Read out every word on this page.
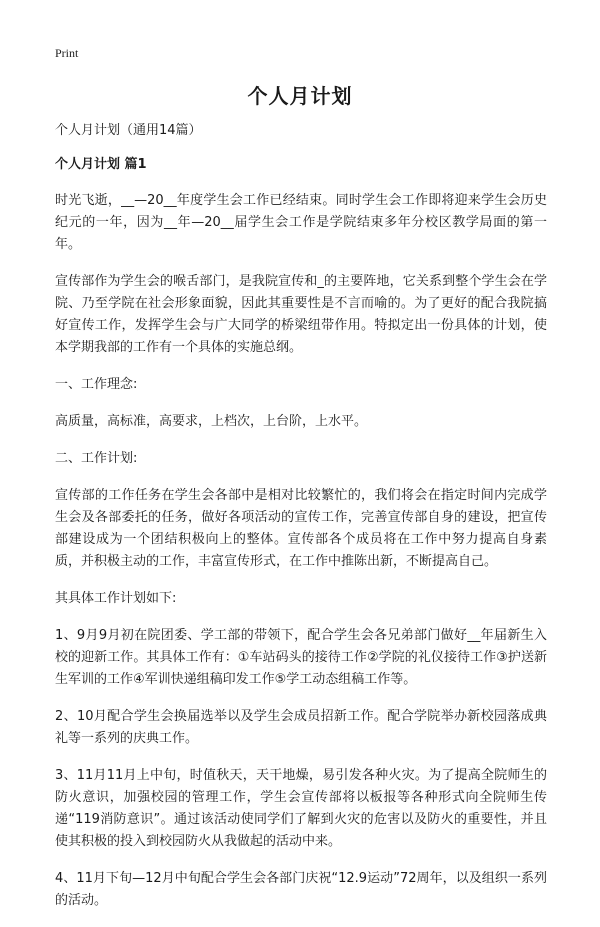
Print
个人月计划

个人月计划（通用14篇）

个人月计划 篇1

时光飞逝，__—20__年度学生会工作已经结束。同时学生会工作即将迎来学生会历史纪元的一年，因为__年—20__届学生会工作是学院结束多年分校区教学局面的第一年。

宣传部作为学生会的喉舌部门，是我院宣传和_的主要阵地，它关系到整个学生会在学院、乃至学院在社会形象面貌，因此其重要性是不言而喻的。为了更好的配合我院搞好宣传工作，发挥学生会与广大同学的桥梁纽带作用。特拟定出一份具体的计划，使本学期我部的工作有一个具体的实施总纲。

一、工作理念:

高质量，高标准，高要求，上档次，上台阶，上水平。

二、工作计划:

宣传部的工作任务在学生会各部中是相对比较繁忙的，我们将会在指定时间内完成学生会及各部委托的任务，做好各项活动的宣传工作，完善宣传部自身的建设，把宣传部建设成为一个团结积极向上的整体。宣传部各个成员将在工作中努力提高自身素质，并积极主动的工作，丰富宣传形式，在工作中推陈出新，不断提高自己。

其具体工作计划如下:

1、9月9月初在院团委、学工部的带领下，配合学生会各兄弟部门做好__年届新生入校的迎新工作。其具体工作有：①车站码头的接待工作②学院的礼仪接待工作③护送新生军训的工作④军训快递组稿印发工作⑤学工动态组稿工作等。

2、10月配合学生会换届选举以及学生会成员招新工作。配合学院举办新校园落成典礼等一系列的庆典工作。

3、11月11月上中旬，时值秋天，天干地燥，易引发各种火灾。为了提高全院师生的防火意识，加强校园的管理工作，学生会宣传部将以板报等各种形式向全院师生传递“119消防意识”。通过该活动使同学们了解到火灾的危害以及防火的重要性，并且使其积极的投入到校园防火从我做起的活动中来。

4、11月下旬—12月中旬配合学生会各部门庆祝“12.9运动”72周年，以及组织一系列的活动。
